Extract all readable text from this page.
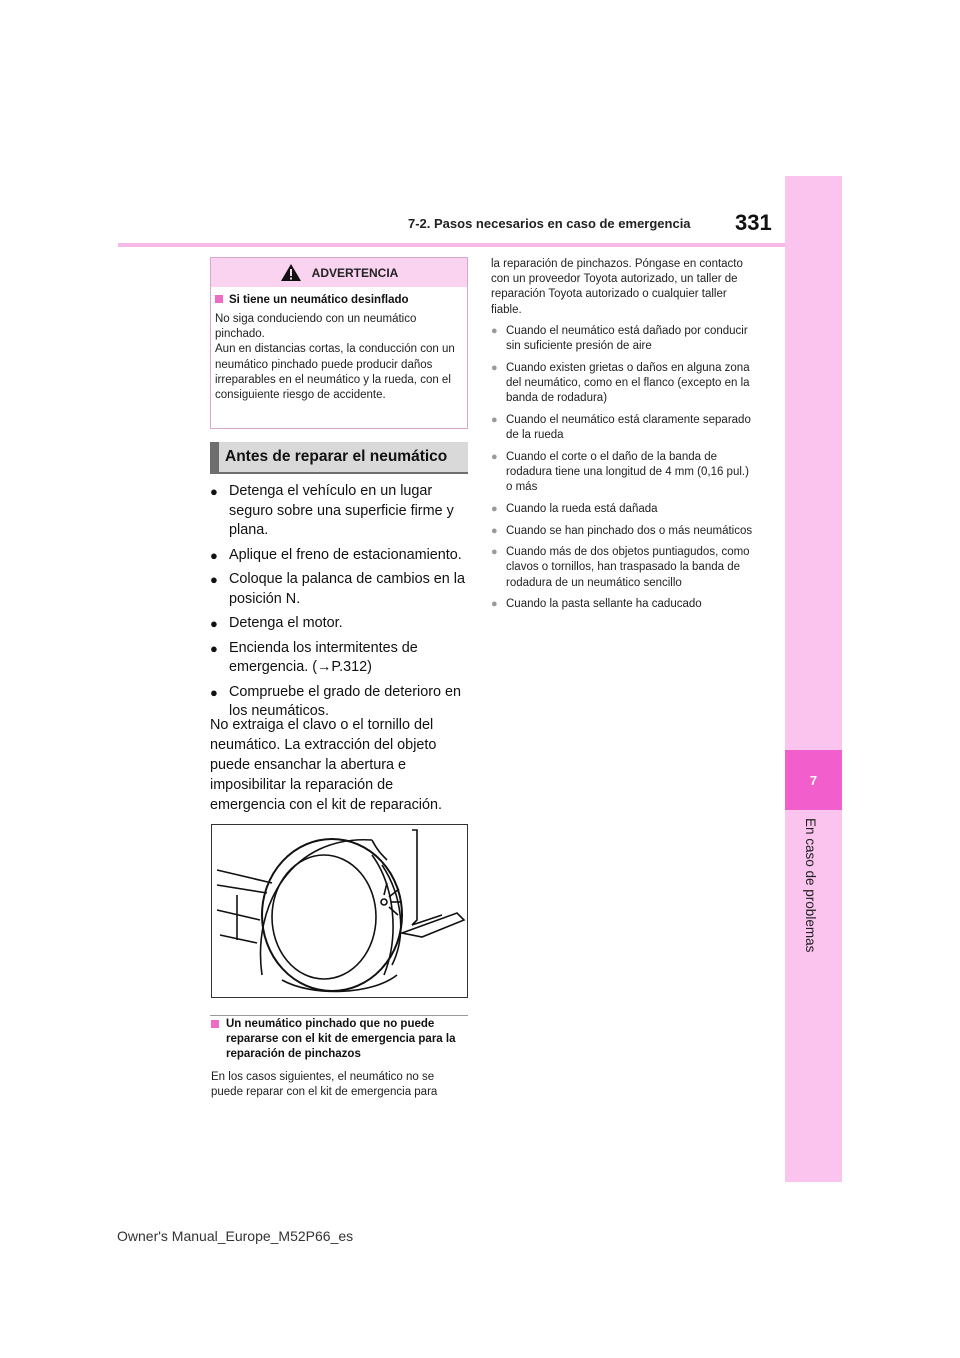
7
En caso de problemas
7-2. Pasos necesarios en caso de emergencia 331
ADVERTENCIA
Si tiene un neumático desinflado
No siga conduciendo con un neumático pinchado.
Aun en distancias cortas, la conducción con un neumático pinchado puede producir daños irreparables en el neumático y la rueda, con el consiguiente riesgo de accidente.
Antes de reparar el neumático
● Detenga el vehículo en un lugar seguro sobre una superficie firme y plana.
● Aplique el freno de estacionamiento.
● Coloque la palanca de cambios en la posición N.
● Detenga el motor.
● Encienda los intermitentes de emergencia. (→P.312)
● Compruebe el grado de deterioro en los neumáticos.
No extraiga el clavo o el tornillo del neumático. La extracción del objeto puede ensanchar la abertura e imposibilitar la reparación de emergencia con el kit de reparación.
Un neumático pinchado que no puede repararse con el kit de emergencia para la reparación de pinchazos
En los casos siguientes, el neumático no se puede reparar con el kit de emergencia para
la reparación de pinchazos. Póngase en contacto con un proveedor Toyota autorizado, un taller de reparación Toyota autorizado o cualquier taller fiable.
● Cuando el neumático está dañado por conducir sin suficiente presión de aire
● Cuando existen grietas o daños en alguna zona del neumático, como en el flanco (excepto en la banda de rodadura)
● Cuando el neumático está claramente separado de la rueda
● Cuando el corte o el daño de la banda de rodadura tiene una longitud de 4 mm (0,16 pul.) o más
● Cuando la rueda está dañada
● Cuando se han pinchado dos o más neumáticos
● Cuando más de dos objetos puntiagudos, como clavos o tornillos, han traspasado la banda de rodadura de un neumático sencillo
● Cuando la pasta sellante ha caducado
Owner's Manual_Europe_M52P66_es
